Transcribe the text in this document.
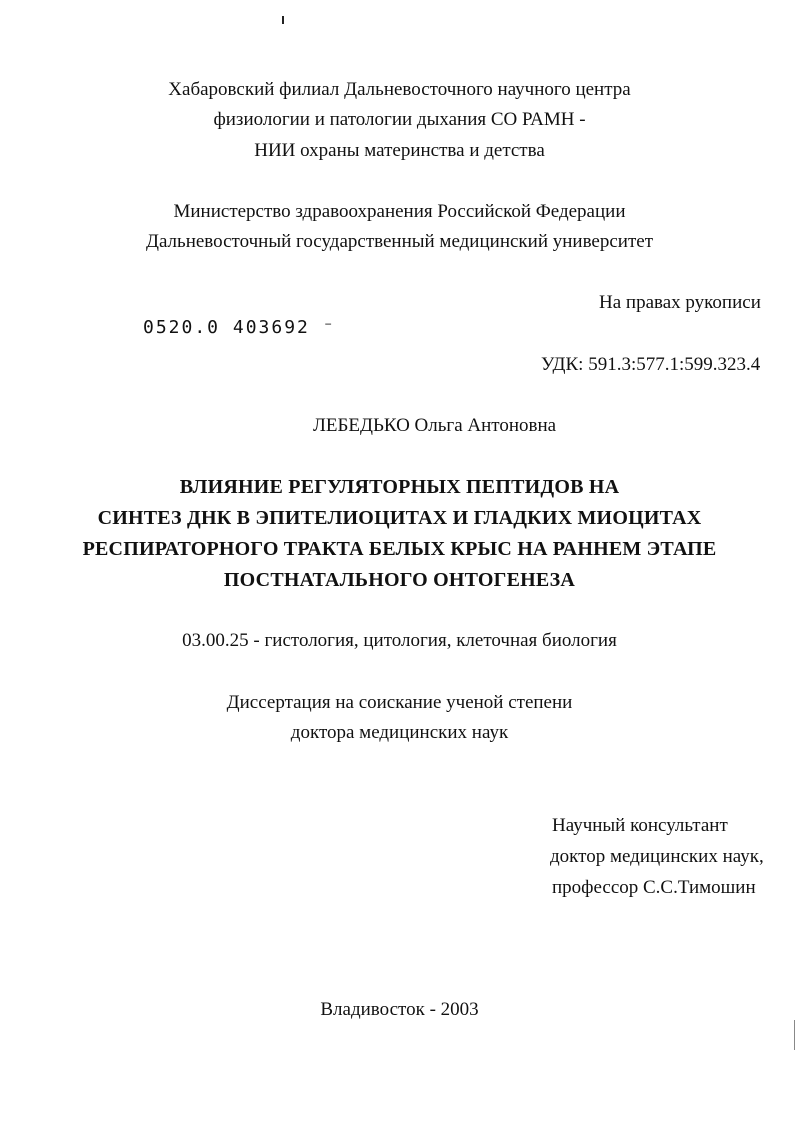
Хабаровский филиал Дальневосточного научного центра
физиологии и патологии дыхания СО РАМН -
НИИ охраны материнства и детства
Министерство здравоохранения Российской Федерации
Дальневосточный государственный медицинский университет
На правах рукописи
0520.0 403692 ⁻
УДК: 591.3:577.1:599.323.4
ЛЕБЕДЬКО Ольга Антоновна
ВЛИЯНИЕ РЕГУЛЯТОРНЫХ ПЕПТИДОВ НА
СИНТЕЗ ДНК В ЭПИТЕЛИОЦИТАХ И ГЛАДКИХ МИОЦИТАХ
РЕСПИРАТОРНОГО ТРАКТА БЕЛЫХ КРЫС НА РАННЕМ ЭТАПЕ
ПОСТНАТАЛЬНОГО ОНТОГЕНЕЗА
03.00.25 - гистология, цитология, клеточная биология
Диссертация на соискание ученой степени
доктора медицинских наук
Научный консультант
доктор медицинских наук,
профессор С.С.Тимошин
Владивосток - 2003
